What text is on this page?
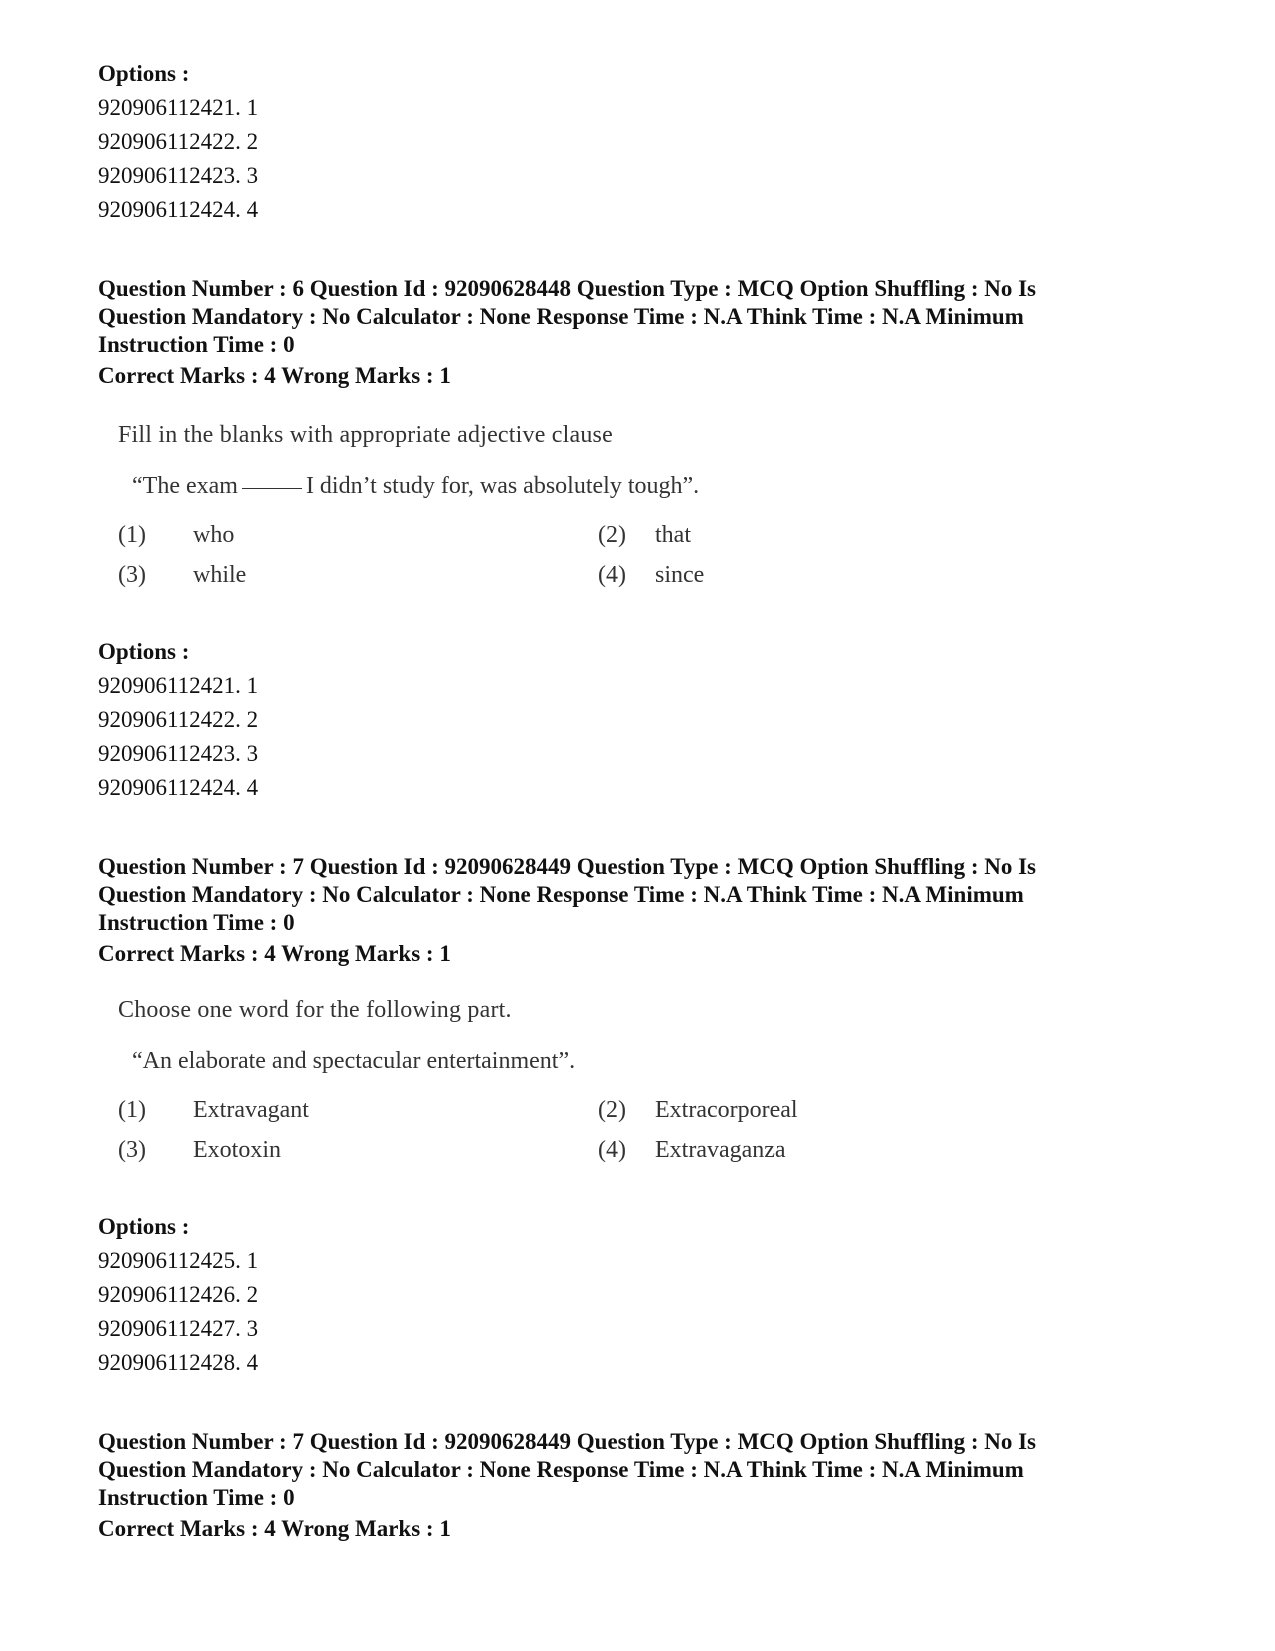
Options :
920906112421. 1
920906112422. 2
920906112423. 3
920906112424. 4
Question Number : 6 Question Id : 92090628448 Question Type : MCQ Option Shuffling : No Is
Question Mandatory : No Calculator : None Response Time : N.A Think Time : N.A Minimum
Instruction Time : 0
Correct Marks : 4 Wrong Marks : 1
Fill in the blanks with appropriate adjective clause
“The exam	I didn’t study for, was absolutely tough”.
(1) who	(2) that
(3) while	(4) since
Options :
920906112421. 1
920906112422. 2
920906112423. 3
920906112424. 4
Question Number : 7 Question Id : 92090628449 Question Type : MCQ Option Shuffling : No Is
Question Mandatory : No Calculator : None Response Time : N.A Think Time : N.A Minimum
Instruction Time : 0
Correct Marks : 4 Wrong Marks : 1
Choose one word for the following part.
“An elaborate and spectacular entertainment”.
(1) Extravagant	(2) Extracorporeal
(3) Exotoxin	(4) Extravaganza
Options :
920906112425. 1
920906112426. 2
920906112427. 3
920906112428. 4
Question Number : 7 Question Id : 92090628449 Question Type : MCQ Option Shuffling : No Is
Question Mandatory : No Calculator : None Response Time : N.A Think Time : N.A Minimum
Instruction Time : 0
Correct Marks : 4 Wrong Marks : 1
